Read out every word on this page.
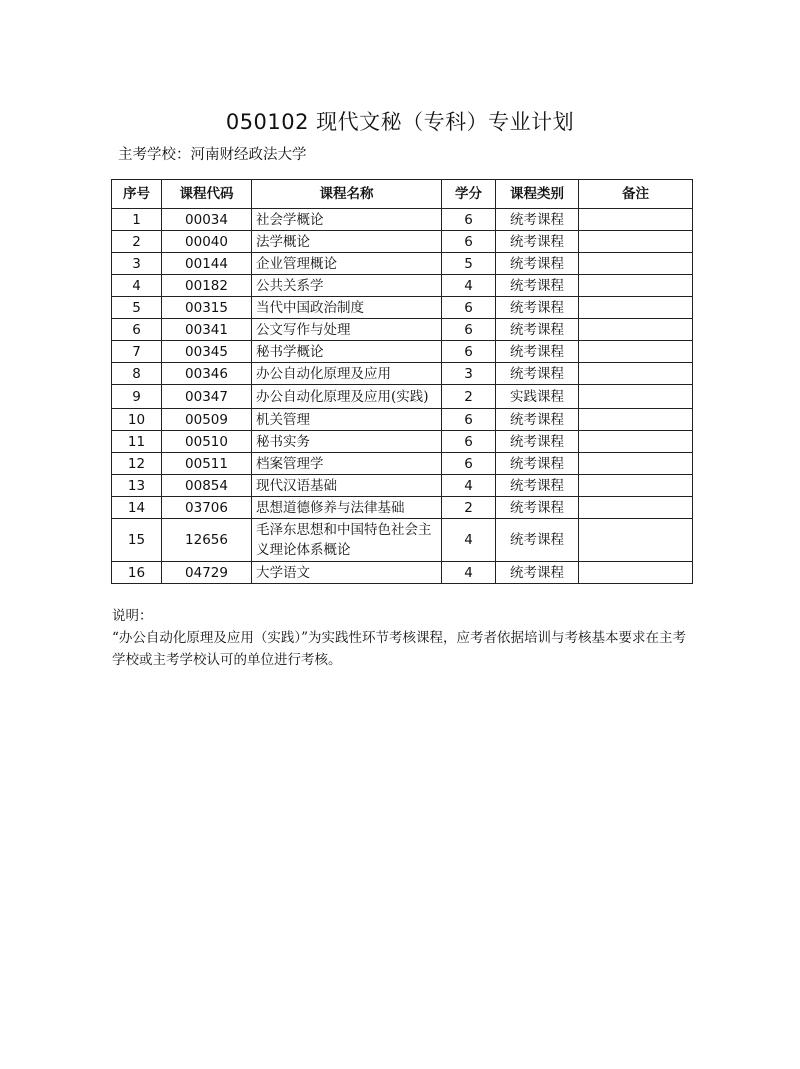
050102 现代文秘（专科）专业计划
主考学校：河南财经政法大学
序号	课程代码	课程名称	学分	课程类别	备注
1	00034	社会学概论	6	统考课程	
2	00040	法学概论	6	统考课程	
3	00144	企业管理概论	5	统考课程	
4	00182	公共关系学	4	统考课程	
5	00315	当代中国政治制度	6	统考课程	
6	00341	公文写作与处理	6	统考课程	
7	00345	秘书学概论	6	统考课程	
8	00346	办公自动化原理及应用	3	统考课程	
9	00347	办公自动化原理及应用(实践)	2	实践课程	
10	00509	机关管理	6	统考课程	
11	00510	秘书实务	6	统考课程	
12	00511	档案管理学	6	统考课程	
13	00854	现代汉语基础	4	统考课程	
14	03706	思想道德修养与法律基础	2	统考课程	
15	12656	毛泽东思想和中国特色社会主义理论体系概论	4	统考课程	
16	04729	大学语文	4	统考课程	
说明：
“办公自动化原理及应用（实践）”为实践性环节考核课程，应考者依据培训与考核基本要求在主考学校或主考学校认可的单位进行考核。
